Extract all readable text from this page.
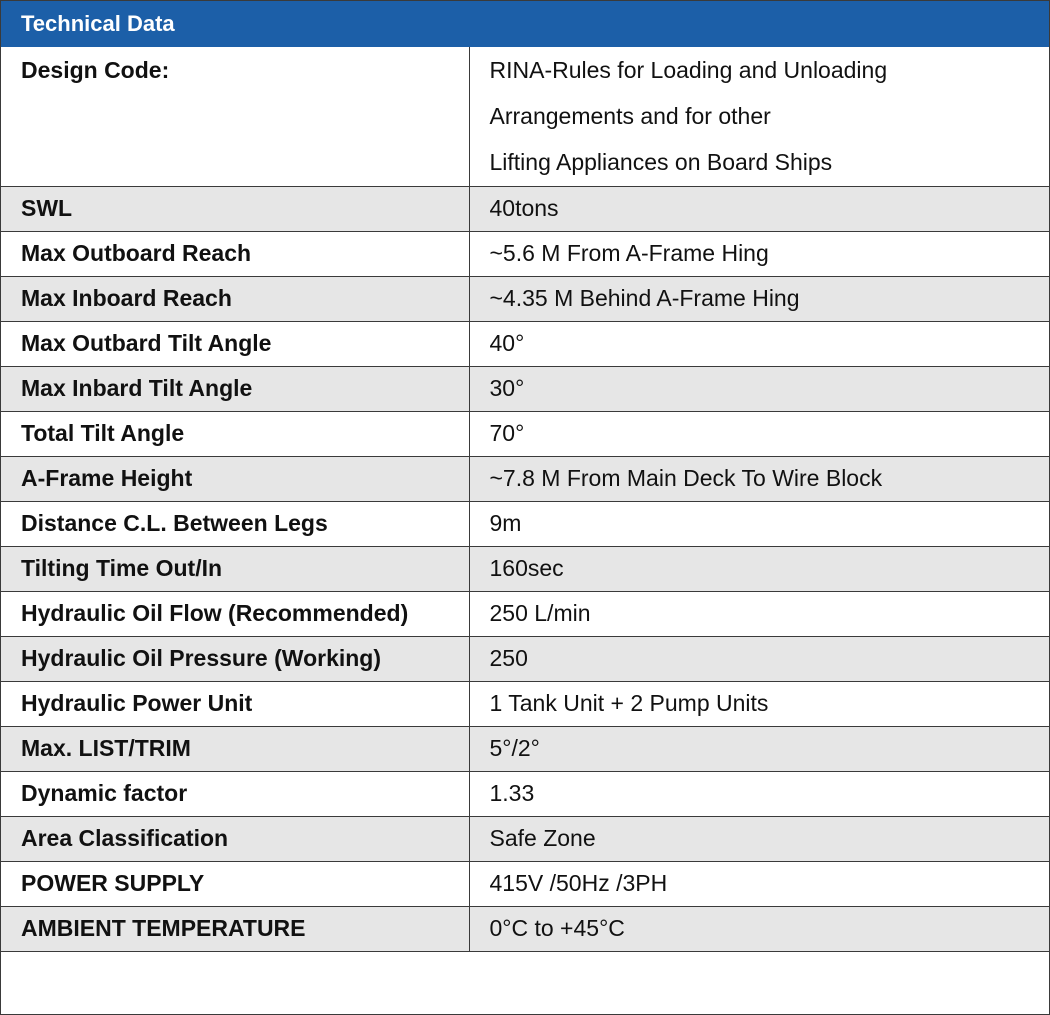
Technical Data
Design Code:	RINA-Rules for Loading and Unloading
Arrangements and for other
Lifting Appliances on Board Ships

SWL	40tons
Max Outboard Reach	~5.6 M From A-Frame Hing
Max Inboard Reach	~4.35 M Behind A-Frame Hing
Max Outbard Tilt Angle	40°
Max Inbard Tilt Angle	30°
Total Tilt Angle	70°
A-Frame Height	~7.8 M From Main Deck To Wire Block
Distance C.L. Between Legs	9m
Tilting Time Out/In	160sec
Hydraulic Oil Flow (Recommended)	250 L/min
Hydraulic Oil Pressure (Working)	250
Hydraulic Power Unit	1 Tank Unit + 2 Pump Units
Max. LIST/TRIM	5°/2°
Dynamic factor	1.33
Area Classification	Safe Zone
POWER SUPPLY	415V /50Hz /3PH
AMBIENT TEMPERATURE	0°C to +45°C
